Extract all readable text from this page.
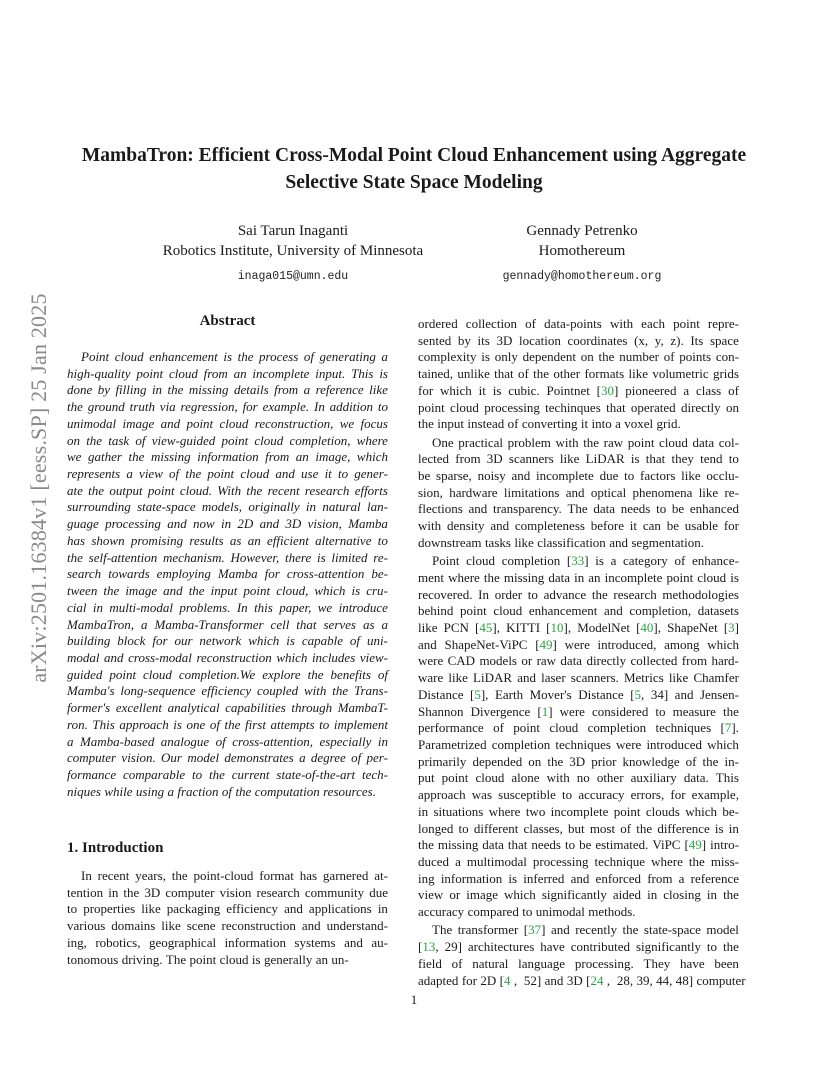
arXiv:2501.16384v1 [eess.SP] 25 Jan 2025
MambaTron: Efficient Cross-Modal Point Cloud Enhancement using Aggregate
Selective State Space Modeling
Sai Tarun Inaganti
Robotics Institute, University of Minnesota
inaga015@umn.edu
Gennady Petrenko
Homothereum
gennady@homothereum.org
Abstract
Point cloud enhancement is the process of generating a
high-quality point cloud from an incomplete input. This is
done by filling in the missing details from a reference like
the ground truth via regression, for example. In addition to
unimodal image and point cloud reconstruction, we focus
on the task of view-guided point cloud completion, where
we gather the missing information from an image, which
represents a view of the point cloud and use it to gener-
ate the output point cloud. With the recent research efforts
surrounding state-space models, originally in natural lan-
guage processing and now in 2D and 3D vision, Mamba
has shown promising results as an efficient alternative to
the self-attention mechanism. However, there is limited re-
search towards employing Mamba for cross-attention be-
tween the image and the input point cloud, which is cru-
cial in multi-modal problems. In this paper, we introduce
MambaTron, a Mamba-Transformer cell that serves as a
building block for our network which is capable of uni-
modal and cross-modal reconstruction which includes view-
guided point cloud completion.We explore the benefits of
Mamba's long-sequence efficiency coupled with the Trans-
former's excellent analytical capabilities through MambaT-
ron. This approach is one of the first attempts to implement
a Mamba-based analogue of cross-attention, especially in
computer vision. Our model demonstrates a degree of per-
formance comparable to the current state-of-the-art tech-
niques while using a fraction of the computation resources.
1. Introduction
In recent years, the point-cloud format has garnered at-
tention in the 3D computer vision research community due
to properties like packaging efficiency and applications in
various domains like scene reconstruction and understand-
ing, robotics, geographical information systems and au-
tonomous driving. The point cloud is generally an un-
ordered collection of data-points with each point repre-
sented by its 3D location coordinates (x, y, z). Its space
complexity is only dependent on the number of points con-
tained, unlike that of the other formats like volumetric grids
for which it is cubic. Pointnet [30] pioneered a class of
point cloud processing techinques that operated directly on
the input instead of converting it into a voxel grid.
One practical problem with the raw point cloud data col-
lected from 3D scanners like LiDAR is that they tend to
be sparse, noisy and incomplete due to factors like occlu-
sion, hardware limitations and optical phenomena like re-
flections and transparency. The data needs to be enhanced
with density and completeness before it can be usable for
downstream tasks like classification and segmentation.
Point cloud completion [33] is a category of enhance-
ment where the missing data in an incomplete point cloud is
recovered. In order to advance the research methodologies
behind point cloud enhancement and completion, datasets
like PCN [45], KITTI [10], ModelNet [40], ShapeNet [3]
and ShapeNet-ViPC [49] were introduced, among which
were CAD models or raw data directly collected from hard-
ware like LiDAR and laser scanners. Metrics like Chamfer
Distance [5], Earth Mover's Distance [5, 34] and Jensen-
Shannon Divergence [1] were considered to measure the
performance of point cloud completion techniques [7].
Parametrized completion techniques were introduced which
primarily depended on the 3D prior knowledge of the in-
put point cloud alone with no other auxiliary data. This
approach was susceptible to accuracy errors, for example,
in situations where two incomplete point clouds which be-
longed to different classes, but most of the difference is in
the missing data that needs to be estimated. ViPC [49] intro-
duced a multimodal processing technique where the miss-
ing information is inferred and enforced from a reference
view or image which significantly aided in closing in the
accuracy compared to unimodal methods.
The transformer [37] and recently the state-space model
[13, 29] architectures have contributed significantly to the
field of natural language processing. They have been
adapted for 2D [4 , 52] and 3D [24 , 28, 39, 44, 48] computer
1
